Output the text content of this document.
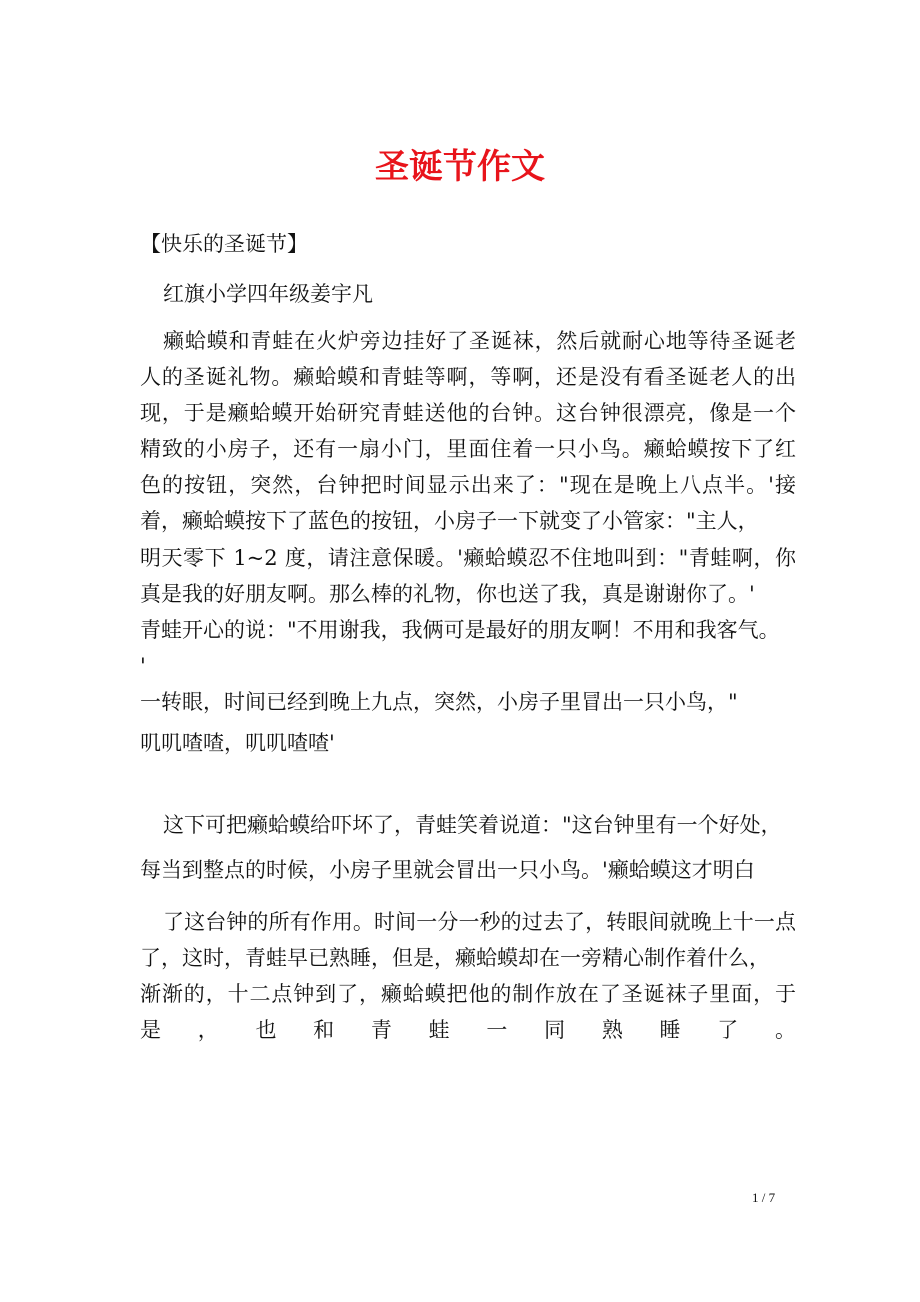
圣诞节作文
【快乐的圣诞节】
红旗小学四年级姜宇凡
癞蛤蟆和青蛙在火炉旁边挂好了圣诞袜，然后就耐心地等待圣诞老
人的圣诞礼物。癞蛤蟆和青蛙等啊，等啊，还是没有看圣诞老人的出
现，于是癞蛤蟆开始研究青蛙送他的台钟。这台钟很漂亮，像是一个
精致的小房子，还有一扇小门，里面住着一只小鸟。癞蛤蟆按下了红
色的按钮，突然，台钟把时间显示出来了："现在是晚上八点半。'接
着，癞蛤蟆按下了蓝色的按钮，小房子一下就变了小管家："主人，
明天零下 1~2 度，请注意保暖。'癞蛤蟆忍不住地叫到："青蛙啊，你
真是我的好朋友啊。那么棒的礼物，你也送了我，真是谢谢你了。'
青蛙开心的说："不用谢我，我俩可是最好的朋友啊！不用和我客气。
'
一转眼，时间已经到晚上九点，突然，小房子里冒出一只小鸟，"
叽叽喳喳，叽叽喳喳'
这下可把癞蛤蟆给吓坏了，青蛙笑着说道："这台钟里有一个好处，
每当到整点的时候，小房子里就会冒出一只小鸟。'癞蛤蟆这才明白
了这台钟的所有作用。时间一分一秒的过去了，转眼间就晚上十一点
了，这时，青蛙早已熟睡，但是，癞蛤蟆却在一旁精心制作着什么，
渐渐的，十二点钟到了，癞蛤蟆把他的制作放在了圣诞袜子里面，于
是，也和青蛙一同熟睡了。
1 / 7
